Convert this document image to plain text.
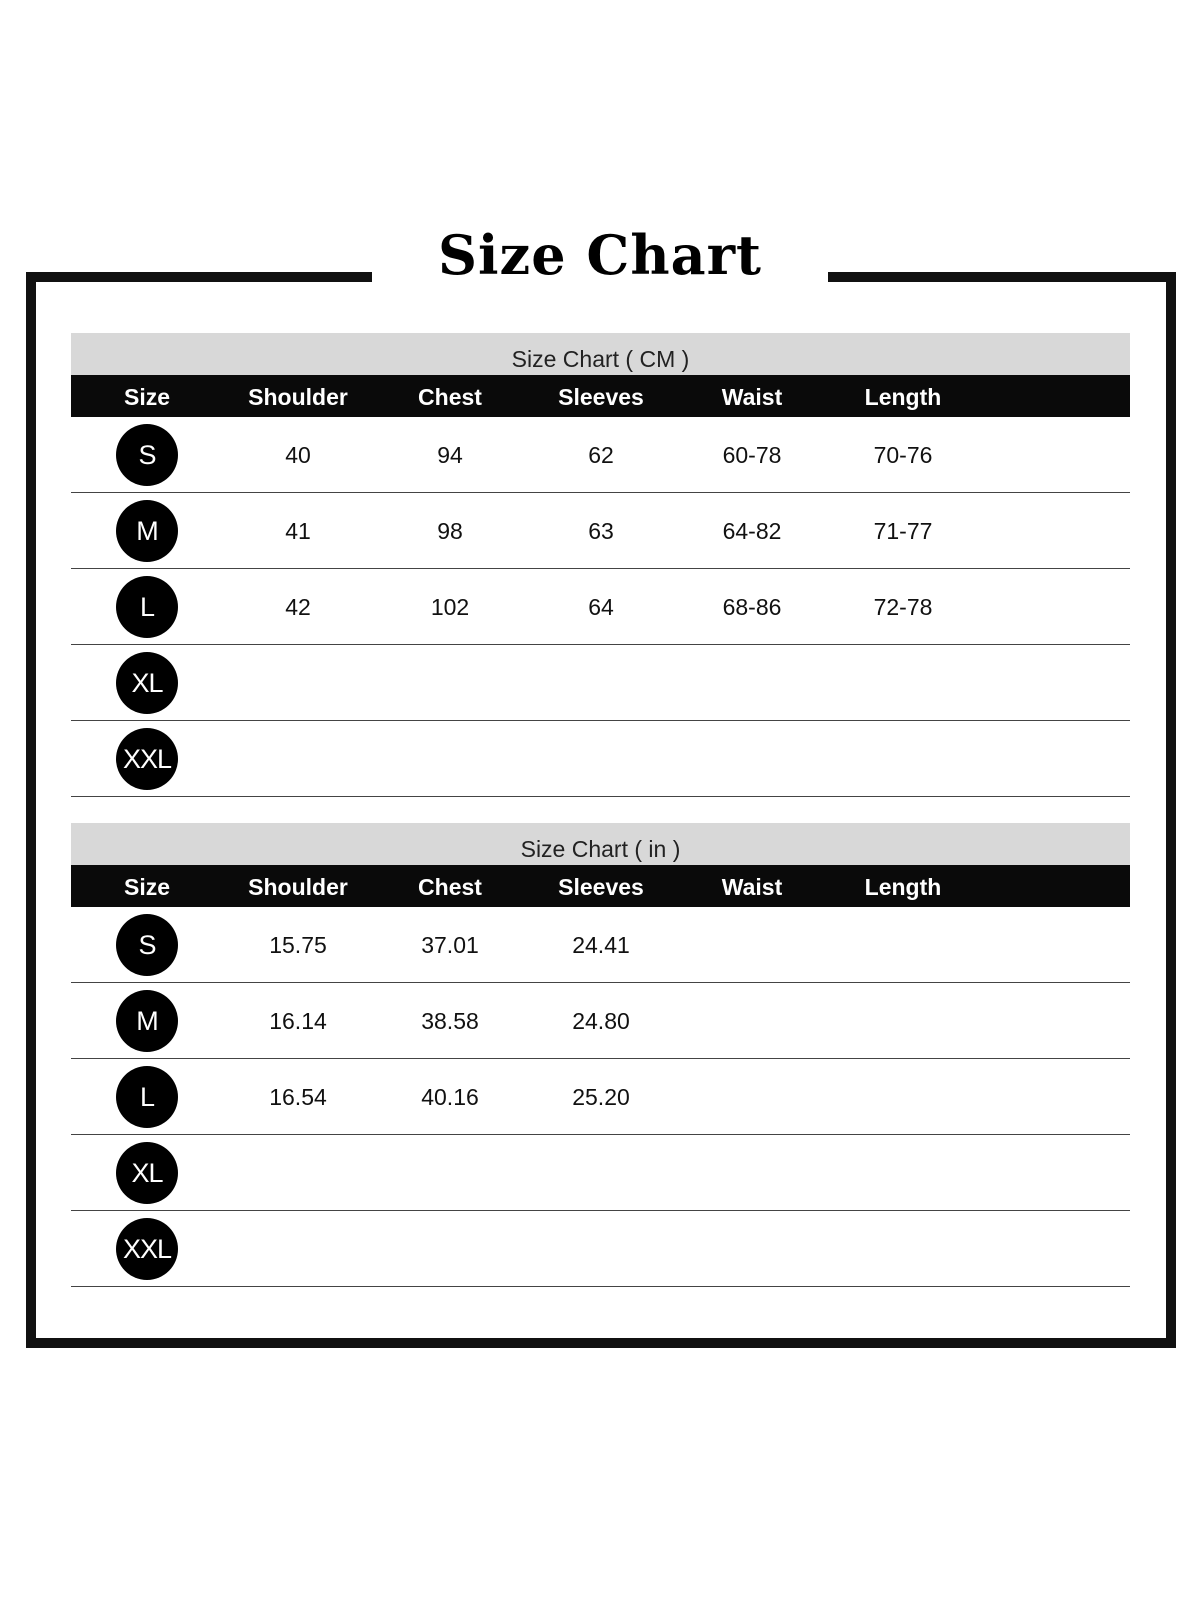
Size Chart
Size Chart ( CM )
Size	Shoulder	Chest	Sleeves	Waist	Length
S	40	94	62	60-78	70-76
M	41	98	63	64-82	71-77
L	42	102	64	68-86	72-78
XL
XXL
Size Chart ( in )
Size	Shoulder	Chest	Sleeves	Waist	Length
S	15.75	37.01	24.41
M	16.14	38.58	24.80
L	16.54	40.16	25.20
XL
XXL
